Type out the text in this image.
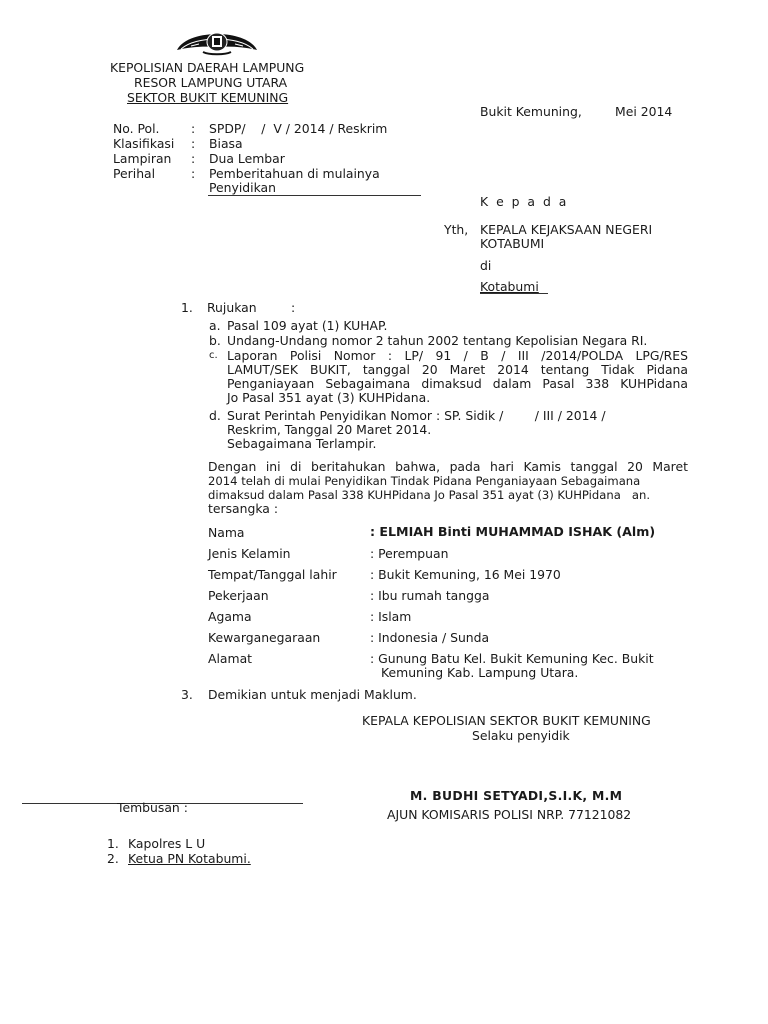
KEPOLISIAN DAERAH LAMPUNG
RESOR LAMPUNG UTARA
SEKTOR BUKIT KEMUNING
Bukit Kemuning,	Mei 2014
No. Pol.	: SPDP/    /  V / 2014 / Reskrim
Klasifikasi : Biasa
Lampiran : Dua Lembar
Perihal	: Pemberitahuan di mulainya
Penyidikan
K e p a d a
Yth, KEPALA KEJAKSAAN NEGERI
KOTABUMI
di
Kotabumi
1. Rujukan	:
a. Pasal 109 ayat (1) KUHAP.
b. Undang-Undang nomor 2 tahun 2002 tentang Kepolisian Negara RI.
c. Laporan Polisi Nomor : LP/ 91 / B / III /2014/POLDA LPG/RES
LAMUT/SEK BUKIT, tanggal 20 Maret 2014 tentang Tidak Pidana
Penganiayaan Sebagaimana dimaksud dalam Pasal 338 KUHPidana
Jo Pasal 351 ayat (3) KUHPidana.
d. Surat Perintah Penyidikan Nomor : SP. Sidik /        / III / 2014 /
Reskrim, Tanggal 20 Maret 2014.
Sebagaimana Terlampir.
Dengan ini di beritahukan bahwa, pada hari Kamis tanggal 20 Maret
2014 telah di mulai Penyidikan Tindak Pidana Penganiayaan Sebagaimana
dimaksud dalam Pasal 338 KUHPidana Jo Pasal 351 ayat (3) KUHPidana   an.
tersangka :
Nama	: ELMIAH Binti MUHAMMAD ISHAK (Alm)
Jenis Kelamin	: Perempuan
Tempat/Tanggal lahir	: Bukit Kemuning, 16 Mei 1970
Pekerjaan	: Ibu rumah tangga
Agama	: Islam
Kewarganegaraan	: Indonesia / Sunda
Alamat	: Gunung Batu Kel. Bukit Kemuning Kec. Bukit
Kemuning Kab. Lampung Utara.
3. Demikian untuk menjadi Maklum.
KEPALA KEPOLISIAN SEKTOR BUKIT KEMUNING
Selaku penyidik
M. BUDHI SETYADI,S.I.K, M.M
AJUN KOMISARIS POLISI NRP. 77121082
Tembusan :
1. Kapolres L U
2. Ketua PN Kotabumi.
